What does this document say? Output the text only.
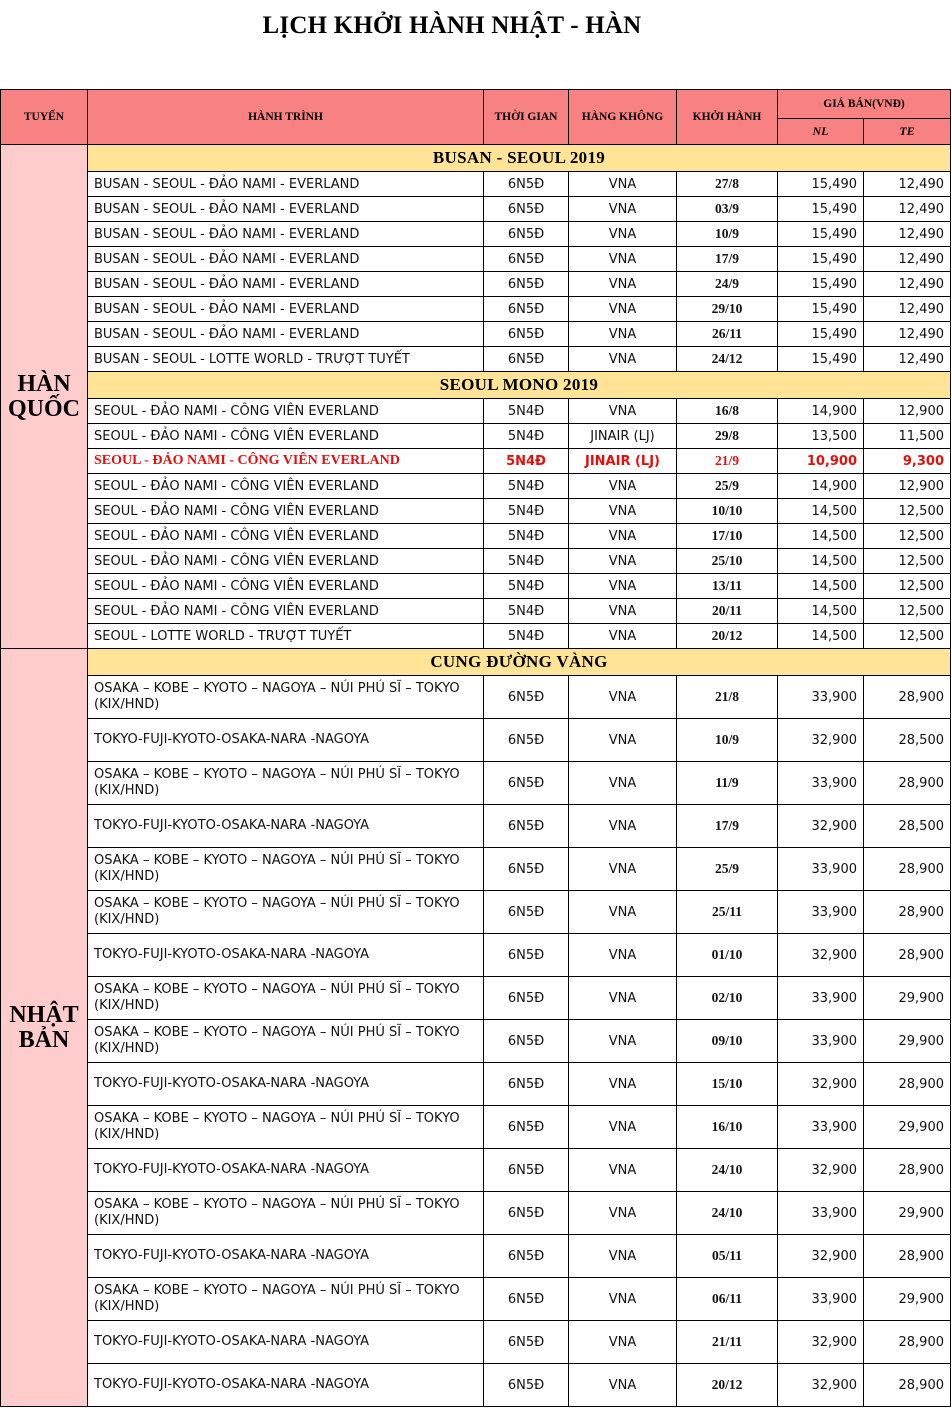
LỊCH KHỞI HÀNH NHẬT - HÀN
TUYẾN	HÀNH TRÌNH	THỜI GIAN	HÀNG KHÔNG	KHỞI HÀNH	GIÁ BÁN(VNĐ)	
					NL	TE
HÀN QUỐC	BUSAN - SEOUL 2019					
	BUSAN - SEOUL - ĐẢO NAMI - EVERLAND	6N5Đ	VNA	27/8	15,490	12,490
	BUSAN - SEOUL - ĐẢO NAMI - EVERLAND	6N5Đ	VNA	03/9	15,490	12,490
	BUSAN - SEOUL - ĐẢO NAMI - EVERLAND	6N5Đ	VNA	10/9	15,490	12,490
	BUSAN - SEOUL - ĐẢO NAMI - EVERLAND	6N5Đ	VNA	17/9	15,490	12,490
	BUSAN - SEOUL - ĐẢO NAMI - EVERLAND	6N5Đ	VNA	24/9	15,490	12,490
	BUSAN - SEOUL - ĐẢO NAMI - EVERLAND	6N5Đ	VNA	29/10	15,490	12,490
	BUSAN - SEOUL - ĐẢO NAMI - EVERLAND	6N5Đ	VNA	26/11	15,490	12,490
	BUSAN - SEOUL - LOTTE WORLD - TRƯỢT TUYẾT	6N5Đ	VNA	24/12	15,490	12,490
	SEOUL MONO 2019					
	SEOUL - ĐẢO NAMI - CÔNG VIÊN EVERLAND	5N4Đ	VNA	16/8	14,900	12,900
	SEOUL - ĐẢO NAMI - CÔNG VIÊN EVERLAND	5N4Đ	JINAIR (LJ)	29/8	13,500	11,500
	SEOUL - ĐẢO NAMI - CÔNG VIÊN EVERLAND	5N4Đ	JINAIR (LJ)	21/9	10,900	9,300
	SEOUL - ĐẢO NAMI - CÔNG VIÊN EVERLAND	5N4Đ	VNA	25/9	14,900	12,900
	SEOUL - ĐẢO NAMI - CÔNG VIÊN EVERLAND	5N4Đ	VNA	10/10	14,500	12,500
	SEOUL - ĐẢO NAMI - CÔNG VIÊN EVERLAND	5N4Đ	VNA	17/10	14,500	12,500
	SEOUL - ĐẢO NAMI - CÔNG VIÊN EVERLAND	5N4Đ	VNA	25/10	14,500	12,500
	SEOUL - ĐẢO NAMI - CÔNG VIÊN EVERLAND	5N4Đ	VNA	13/11	14,500	12,500
	SEOUL - ĐẢO NAMI - CÔNG VIÊN EVERLAND	5N4Đ	VNA	20/11	14,500	12,500
	SEOUL - LOTTE WORLD - TRƯỢT TUYẾT	5N4Đ	VNA	20/12	14,500	12,500
NHẬT BẢN	CUNG ĐƯỜNG VÀNG					
	OSAKA – KOBE – KYOTO – NAGOYA – NÚI PHÚ SĨ – TOKYO (KIX/HND)	6N5Đ	VNA	21/8	33,900	28,900
	TOKYO-FUJI-KYOTO-OSAKA-NARA -NAGOYA	6N5Đ	VNA	10/9	32,900	28,500
	OSAKA – KOBE – KYOTO – NAGOYA – NÚI PHÚ SĨ – TOKYO (KIX/HND)	6N5Đ	VNA	11/9	33,900	28,900
	TOKYO-FUJI-KYOTO-OSAKA-NARA -NAGOYA	6N5Đ	VNA	17/9	32,900	28,500
	OSAKA – KOBE – KYOTO – NAGOYA – NÚI PHÚ SĨ – TOKYO (KIX/HND)	6N5Đ	VNA	25/9	33,900	28,900
	OSAKA – KOBE – KYOTO – NAGOYA – NÚI PHÚ SĨ – TOKYO (KIX/HND)	6N5Đ	VNA	25/11	33,900	28,900
	TOKYO-FUJI-KYOTO-OSAKA-NARA -NAGOYA	6N5Đ	VNA	01/10	32,900	28,900
	OSAKA – KOBE – KYOTO – NAGOYA – NÚI PHÚ SĨ – TOKYO (KIX/HND)	6N5Đ	VNA	02/10	33,900	29,900
	OSAKA – KOBE – KYOTO – NAGOYA – NÚI PHÚ SĨ – TOKYO (KIX/HND)	6N5Đ	VNA	09/10	33,900	29,900
	TOKYO-FUJI-KYOTO-OSAKA-NARA -NAGOYA	6N5Đ	VNA	15/10	32,900	28,900
	OSAKA – KOBE – KYOTO – NAGOYA – NÚI PHÚ SĨ – TOKYO (KIX/HND)	6N5Đ	VNA	16/10	33,900	29,900
	TOKYO-FUJI-KYOTO-OSAKA-NARA -NAGOYA	6N5Đ	VNA	24/10	32,900	28,900
	OSAKA – KOBE – KYOTO – NAGOYA – NÚI PHÚ SĨ – TOKYO (KIX/HND)	6N5Đ	VNA	24/10	33,900	29,900
	TOKYO-FUJI-KYOTO-OSAKA-NARA -NAGOYA	6N5Đ	VNA	05/11	32,900	28,900
	OSAKA – KOBE – KYOTO – NAGOYA – NÚI PHÚ SĨ – TOKYO (KIX/HND)	6N5Đ	VNA	06/11	33,900	29,900
	TOKYO-FUJI-KYOTO-OSAKA-NARA -NAGOYA	6N5Đ	VNA	21/11	32,900	28,900
	TOKYO-FUJI-KYOTO-OSAKA-NARA -NAGOYA	6N5Đ	VNA	20/12	32,900	28,900
